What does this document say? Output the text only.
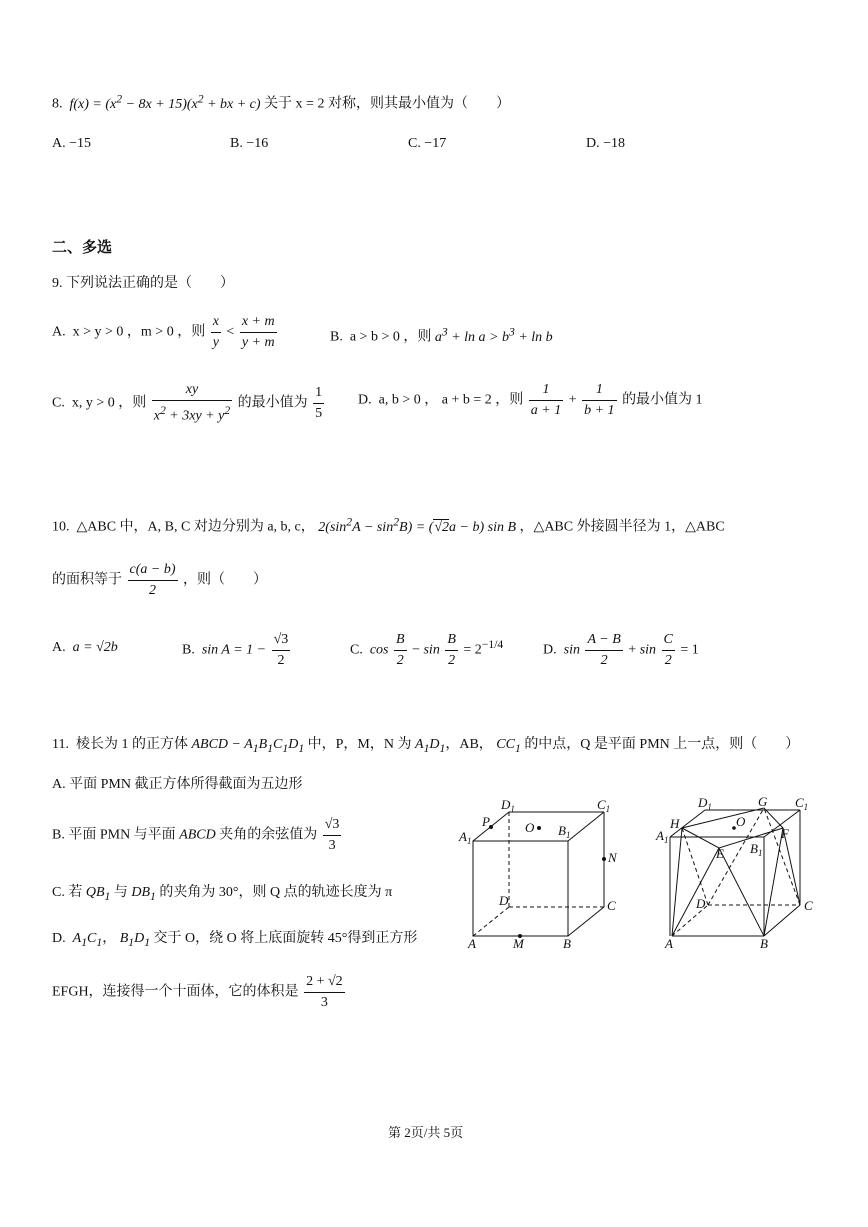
8.  $f(x) = (x^2 - 8x + 15)(x^2$ + bx + c) 关于 x = 2 对称，则其最小值为（　　）
A. −15	B. −16	C. −17	D. −18
二、多选
9. 下列说法正确的是（　　）
A. x > y > 0 ，m > 0 ，则 $\frac{x}{y} < \frac{x + m}{y + m}$	B. a > b > 0 ，则 $a^3 + \ln a > b^3 + \ln b$
C. x, y > 0 ，则 $\frac{xy}{x^2 + 3xy + y^2}$ 的最小值为 $\frac{1}{5} D$. a, b > 0 ， a + b = 2 ，则 $\frac{1}{a + 1} + \frac{1}{b + 1}$ 的最小值为 1
10. △ABC 中，A, B, C 对边分别为 a, b, c， $2(\sin^2A - \sin^2B) = (√2a - b)$ sin B ，△ABC 外接圆半径为 1，△ABC
的面积等于 $\frac{c(a - b)}{2}$ ，则（　　）
A. a = √2b	B. $\sin A = 1 - \frac{√3}{2}$	C. $\cos \frac{B}{2} - \sin \frac{B}{2} = 2^{-1/4}$	D. $\sin \frac{A - B}{2} + \sin \frac{C}{2} = 1$
11. 棱长为 1 的正方体 ABCD − $A_1B_1C_1D_1$ 中，P，M，N 为 $A_1D_1$，AB， $CC_1$ 的中点，Q 是平面 PMN 上一点，则（　　）
A. 平面 PMN 截正方体所得截面为五边形
B. 平面 PMN 与平面 ABCD 夹角的余弦值为 $\frac{√3}{3}$
C. 若 $QB_1$ 与 $DB_1$ 的夹角为 30°，则 Q 点的轨迹长度为 π
D. $A_1C_1$， $B_1D_1$ 交于 O，绕 O 将上底面旋转 45°得到正方形
EFGH，连接得一个十面体，它的体积是 $\frac{2 + √2}{3}$
$D_1$	$C_1$
$A_1$
$B_1$
P	O
N
D	C
A	M	B
$D_1$	G $C_1$
H
$A_1$
O
E $B_1$
F
D	C
A	B
第 2页/共 5页
